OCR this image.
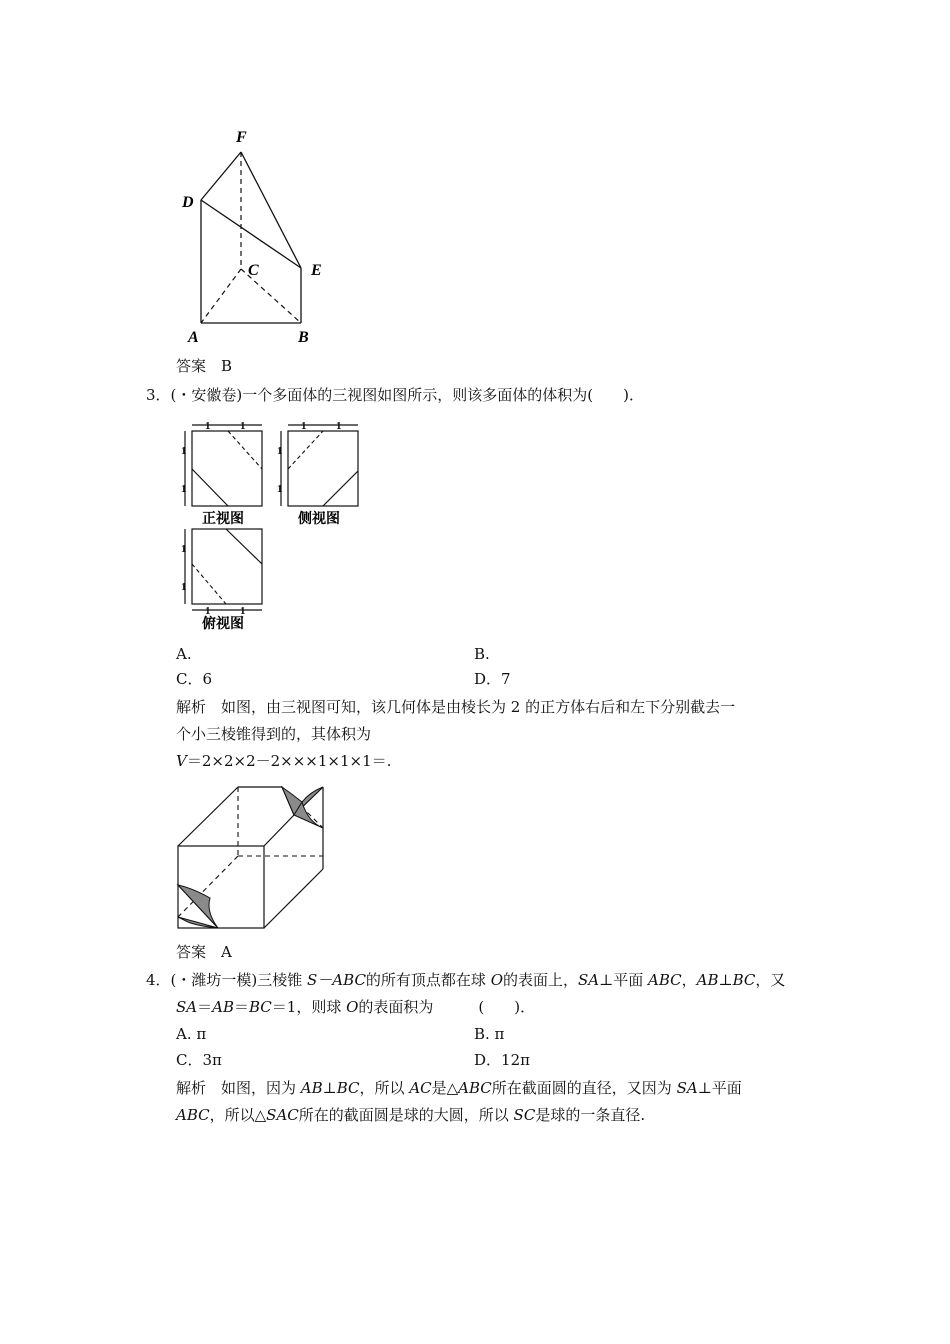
F
D
C	E
A	B
答案　B
3．(・安徽卷)一个多面体的三视图如图所示，则该多面体的体积为(　　)．
1	1	1	1
1
1
1
1
1
1
1	1
正视图	侧视图
俯视图
A.	B.
C．6	D．7
解析　如图，由三视图可知，该几何体是由棱长为 2 的正方体右后和左下分别截去一
个小三棱锥得到的，其体积为
V＝2×2×2－2×××1×1×1＝.
答案　A
4．(・潍坊一模)三棱锥 S－ABC的所有顶点都在球 O的表面上，SA⊥平面 ABC，AB⊥BC，又
SA＝AB＝BC＝1，则球 O的表面积为　　　(　　)．
A. π	B. π
C．3π	D．12π
解析　如图，因为 AB⊥BC，所以 AC是△ABC所在截面圆的直径，又因为 SA⊥平面
ABC，所以△SAC所在的截面圆是球的大圆，所以 SC是球的一条直径.
